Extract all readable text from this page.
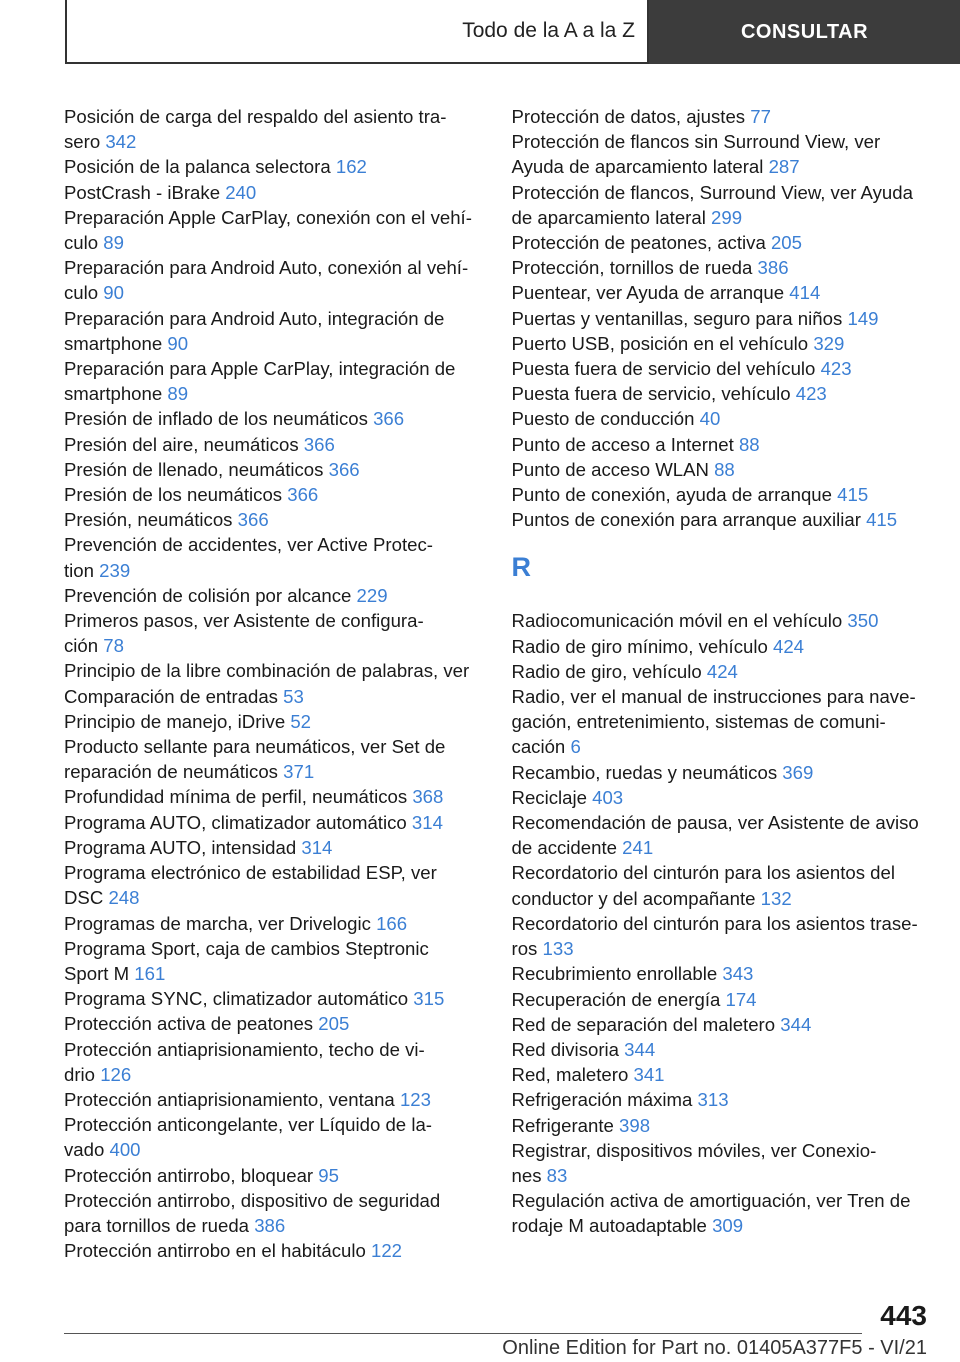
Todo de la A a la Z	CONSULTAR
Posición de carga del respaldo del asiento tra-
sero 342
Posición de la palanca selectora 162
PostCrash - iBrake 240
Preparación Apple CarPlay, conexión con el vehí-
culo 89
Preparación para Android Auto, conexión al vehí-
culo 90
Preparación para Android Auto, integración de
smartphone 90
Preparación para Apple CarPlay, integración de
smartphone 89
Presión de inflado de los neumáticos 366
Presión del aire, neumáticos 366
Presión de llenado, neumáticos 366
Presión de los neumáticos 366
Presión, neumáticos 366
Prevención de accidentes, ver Active Protec-
tion 239
Prevención de colisión por alcance 229
Primeros pasos, ver Asistente de configura-
ción 78
Principio de la libre combinación de palabras, ver
Comparación de entradas 53
Principio de manejo, iDrive 52
Producto sellante para neumáticos, ver Set de
reparación de neumáticos 371
Profundidad mínima de perfil, neumáticos 368
Programa AUTO, climatizador automático 314
Programa AUTO, intensidad 314
Programa electrónico de estabilidad ESP, ver
DSC 248
Programas de marcha, ver Drivelogic 166
Programa Sport, caja de cambios Steptronic
Sport M 161
Programa SYNC, climatizador automático 315
Protección activa de peatones 205
Protección antiaprisionamiento, techo de vi-
drio 126
Protección antiaprisionamiento, ventana 123
Protección anticongelante, ver Líquido de la-
vado 400
Protección antirrobo, bloquear 95
Protección antirrobo, dispositivo de seguridad
para tornillos de rueda 386
Protección antirrobo en el habitáculo 122
Protección de datos, ajustes 77
Protección de flancos sin Surround View, ver
Ayuda de aparcamiento lateral 287
Protección de flancos, Surround View, ver Ayuda
de aparcamiento lateral 299
Protección de peatones, activa 205
Protección, tornillos de rueda 386
Puentear, ver Ayuda de arranque 414
Puertas y ventanillas, seguro para niños 149
Puerto USB, posición en el vehículo 329
Puesta fuera de servicio del vehículo 423
Puesta fuera de servicio, vehículo 423
Puesto de conducción 40
Punto de acceso a Internet 88
Punto de acceso WLAN 88
Punto de conexión, ayuda de arranque 415
Puntos de conexión para arranque auxiliar 415
R
Radiocomunicación móvil en el vehículo 350
Radio de giro mínimo, vehículo 424
Radio de giro, vehículo 424
Radio, ver el manual de instrucciones para nave-
gación, entretenimiento, sistemas de comuni-
cación 6
Recambio, ruedas y neumáticos 369
Reciclaje 403
Recomendación de pausa, ver Asistente de aviso
de accidente 241
Recordatorio del cinturón para los asientos del
conductor y del acompañante 132
Recordatorio del cinturón para los asientos trase-
ros 133
Recubrimiento enrollable 343
Recuperación de energía 174
Red de separación del maletero 344
Red divisoria 344
Red, maletero 341
Refrigeración máxima 313
Refrigerante 398
Registrar, dispositivos móviles, ver Conexio-
nes 83
Regulación activa de amortiguación, ver Tren de
rodaje M autoadaptable 309
443
Online Edition for Part no. 01405A377F5 - VI/21
